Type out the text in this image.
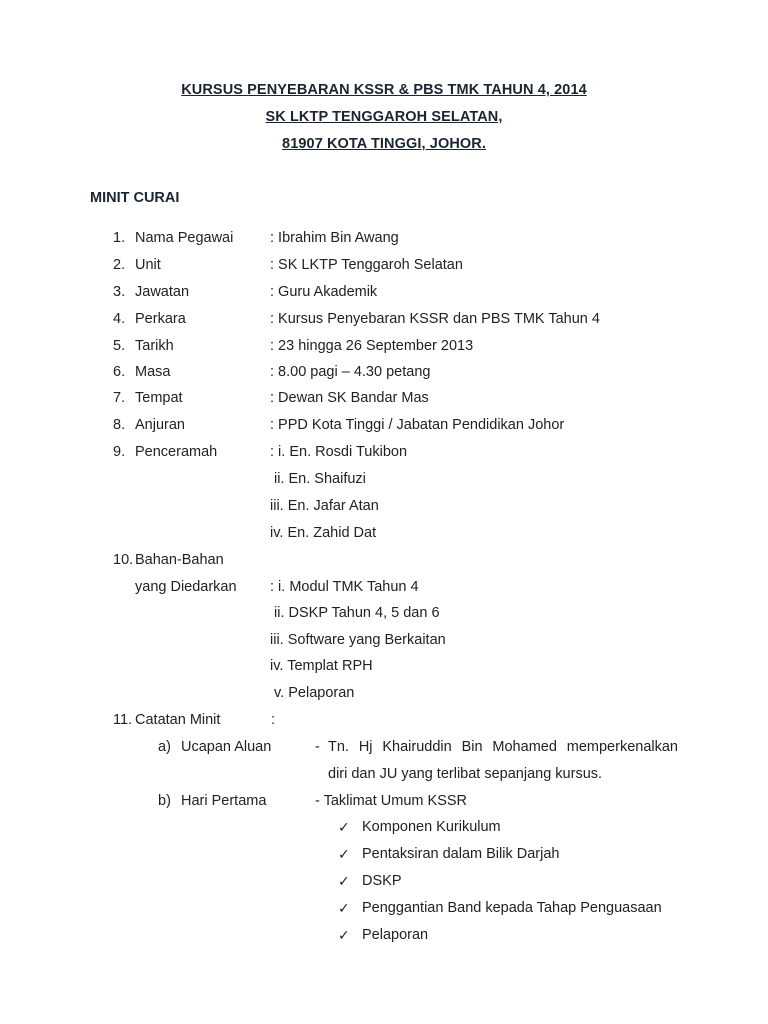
KURSUS PENYEBARAN KSSR & PBS TMK TAHUN 4, 2014
SK LKTP TENGGAROH SELATAN,
81907 KOTA TINGGI, JOHOR.
MINIT CURAI
1. Nama Pegawai	: Ibrahim Bin Awang
2. Unit	: SK LKTP Tenggaroh Selatan
3. Jawatan	: Guru Akademik
4. Perkara	: Kursus Penyebaran KSSR dan PBS TMK Tahun 4
5. Tarikh	: 23 hingga 26 September 2013
6. Masa	: 8.00 pagi – 4.30 petang
7. Tempat	: Dewan SK Bandar Mas
8. Anjuran	: PPD Kota Tinggi / Jabatan Pendidikan Johor
9. Penceramah	: i. En. Rosdi Tukibon
ii. En. Shaifuzi
iii. En. Jafar Atan
iv. En. Zahid Dat
10. Bahan-Bahan
yang Diedarkan : i. Modul TMK Tahun 4
ii. DSKP Tahun 4, 5 dan 6
iii. Software yang Berkaitan
iv. Templat RPH
v. Pelaporan
11. Catatan Minit	:
a) Ucapan Aluan	- Tn. Hj Khairuddin Bin Mohamed memperkenalkan
diri dan JU yang terlibat sepanjang kursus.
b) Hari Pertama	- Taklimat Umum KSSR
✓ Komponen Kurikulum
✓ Pentaksiran dalam Bilik Darjah
✓ DSKP
✓ Penggantian Band kepada Tahap Penguasaan
✓ Pelaporan
